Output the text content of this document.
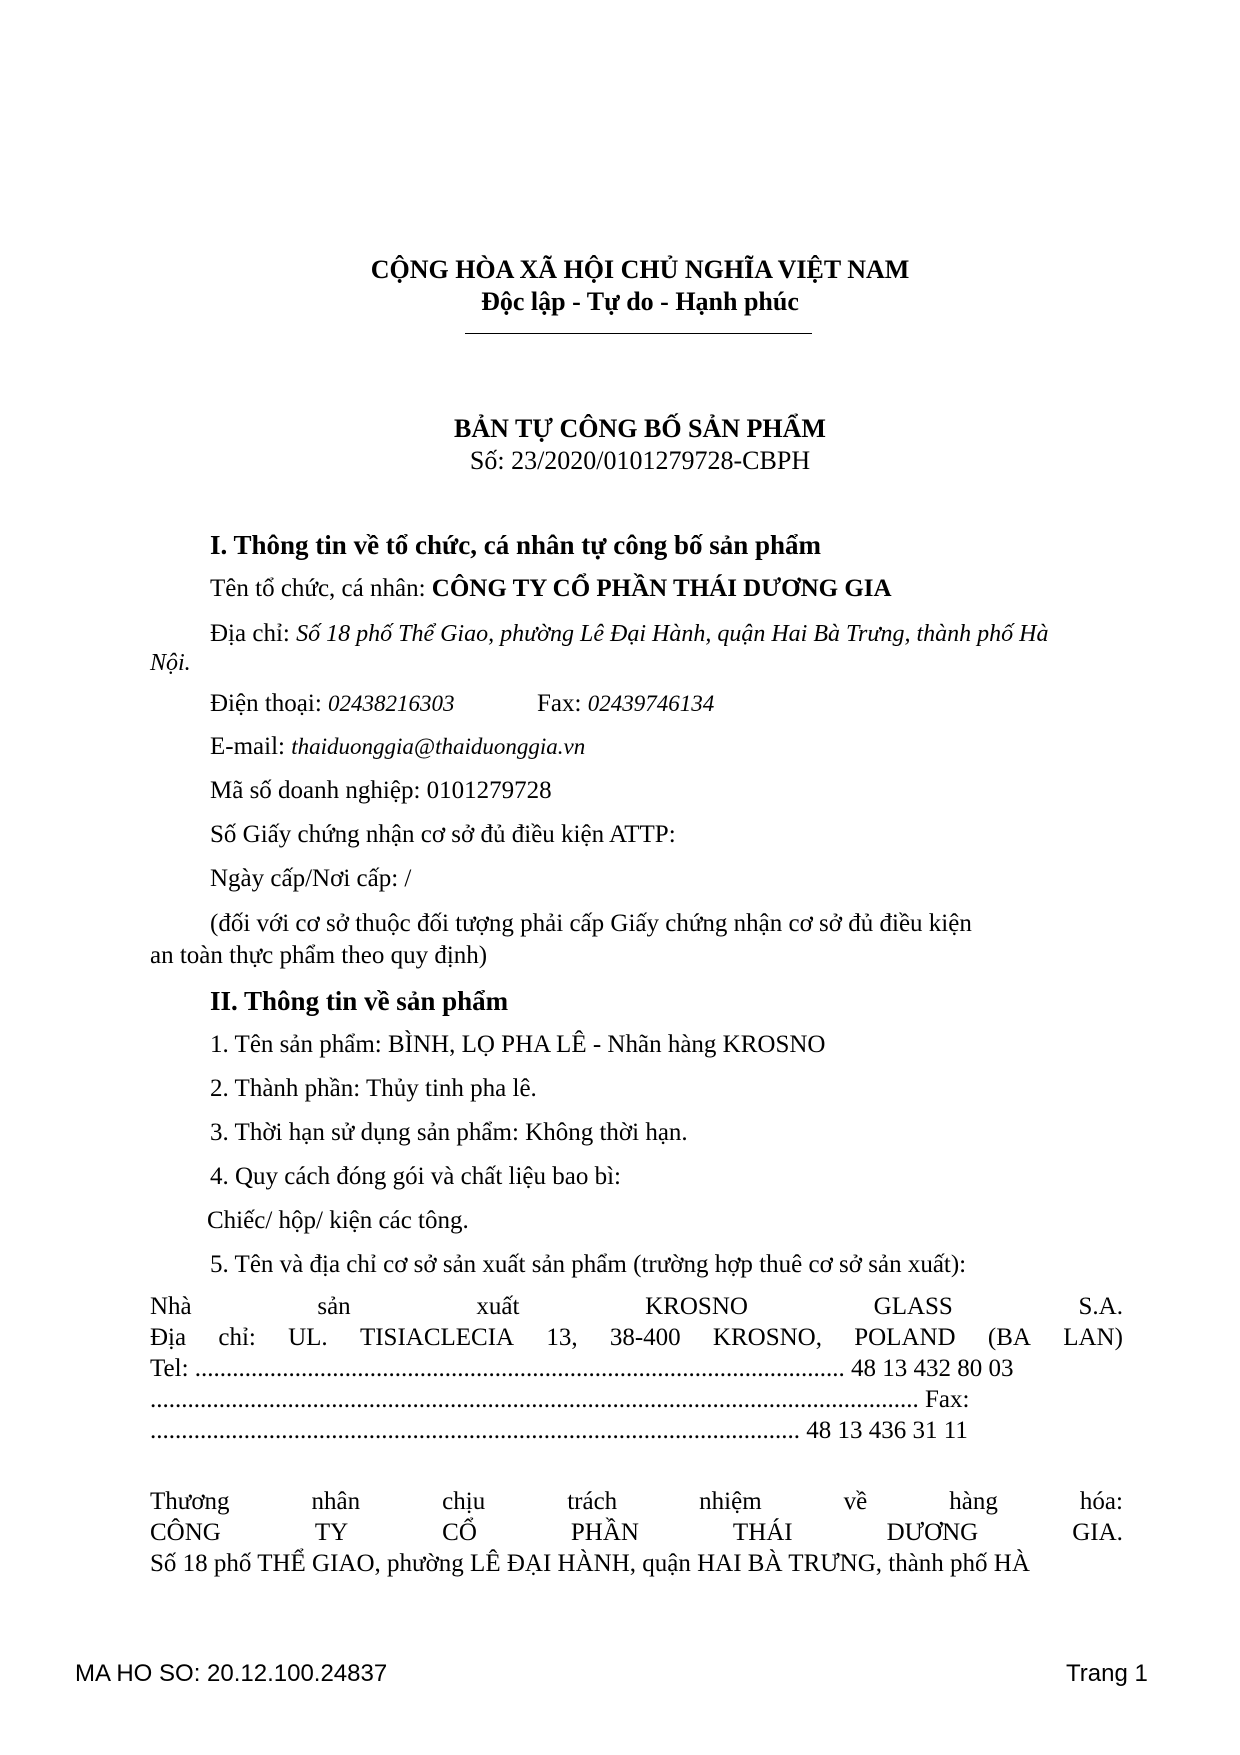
CỘNG HÒA XÃ HỘI CHỦ NGHĨA VIỆT NAM
Độc lập - Tự do - Hạnh phúc
BẢN TỰ CÔNG BỐ SẢN PHẨM
Số: 23/2020/0101279728-CBPH
I. Thông tin về tổ chức, cá nhân tự công bố sản phẩm
Tên tổ chức, cá nhân: CÔNG TY CỔ PHẦN THÁI DƯƠNG GIA
Địa chỉ: Số 18 phố Thể Giao, phường Lê Đại Hành, quận Hai Bà Trưng, thành phố Hà
Nội.
Điện thoại: 02438216303	Fax: 02439746134
E-mail: thaiduonggia@thaiduonggia.vn
Mã số doanh nghiệp: 0101279728
Số Giấy chứng nhận cơ sở đủ điều kiện ATTP:
Ngày cấp/Nơi cấp: /
(đối với cơ sở thuộc đối tượng phải cấp Giấy chứng nhận cơ sở đủ điều kiện
an toàn thực phẩm theo quy định)
II. Thông tin về sản phẩm
1. Tên sản phẩm: BÌNH, LỌ PHA LÊ - Nhãn hàng KROSNO
2. Thành phần: Thủy tinh pha lê.
3. Thời hạn sử dụng sản phẩm: Không thời hạn.
4. Quy cách đóng gói và chất liệu bao bì:
Chiếc/ hộp/ kiện các tông.
5. Tên và địa chỉ cơ sở sản xuất sản phẩm (trường hợp thuê cơ sở sản xuất):
Nhà	sản	xuất	KROSNO	GLASS	S.A.
Địa chỉ: UL. TISIACLECIA 13, 38-400 KROSNO, POLAND (BA LAN)
Tel: ........................................................................................................ 48 13 432 80 03
........................................................................................................................... Fax:
........................................................................................................ 48 13 436 31 11
Thương	nhân	chịu	trách	nhiệm	về	hàng	hóa:
CÔNG	TY	CỔ	PHẦN	THÁI	DƯƠNG	GIA.
Số 18 phố THỂ GIAO, phường LÊ ĐẠI HÀNH, quận HAI BÀ TRƯNG, thành phố HÀ
MA HO SO: 20.12.100.24837	Trang 1
